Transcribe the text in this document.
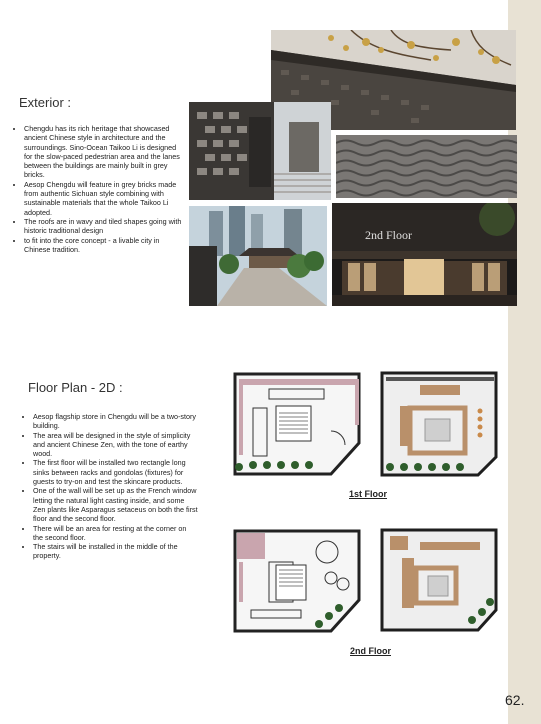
Exterior :
• Chengdu has its rich heritage that showcased ancient Chinese style in architecture and the surroundings. Sino-Ocean Taikoo Li is designed for the slow-paced pedestrian area and the lanes between the buildings are mainly built in grey bricks.
• Aesop Chengdu will feature in grey bricks made from authentic Sichuan style combining with sustainable materials that the whole Taikoo Li adopted.
• The roofs are in wavy and tiled shapes going with historic traditional design
• to fit into the core concept - a livable city in Chinese tradition.
2nd Floor
Floor Plan - 2D :
• Aesop flagship store in Chengdu will be a two-story building.
• The area will be designed in the style of simplicity and ancient Chinese Zen, with the tone of earthy wood.
• The first floor will be installed two rectangle long sinks between racks and gondolas (fixtures) for guests to try-on and test the skincare products.
• One of the wall will be set up as the French window letting the natural light casting inside, and some Zen plants like Asparagus setaceus on both the first floor and the second floor.
• There will be an area for resting at the corner on the second floor.
• The stairs will be installed in the middle of the property.
1st Floor
2nd Floor
62.
